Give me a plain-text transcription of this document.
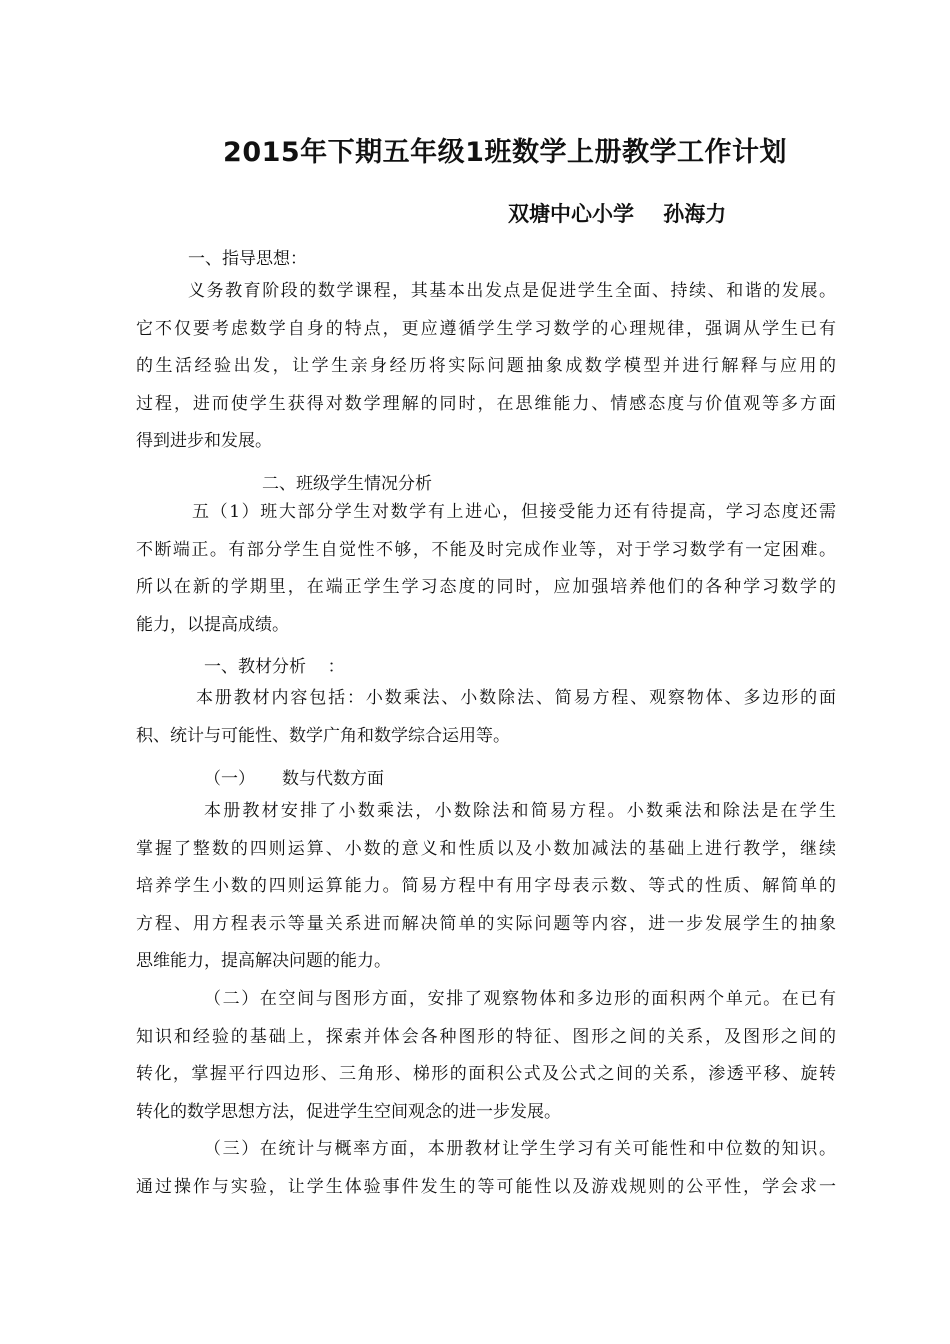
2015年下期五年级1班数学上册教学工作计划
双塘中心小学    孙海力
一、指导思想：
义务教育阶段的数学课程，其基本出发点是促进学生全面、持续、和谐的发展。
它不仅要考虑数学自身的特点，更应遵循学生学习数学的心理规律，强调从学生已有
的生活经验出发，让学生亲身经历将实际问题抽象成数学模型并进行解释与应用的
过程，进而使学生获得对数学理解的同时，在思维能力、情感态度与价值观等多方面
得到进步和发展。
二、班级学生情况分析
五（1）班大部分学生对数学有上进心，但接受能力还有待提高，学习态度还需
不断端正。有部分学生自觉性不够，不能及时完成作业等，对于学习数学有一定困难。
所以在新的学期里，在端正学生学习态度的同时，应加强培养他们的各种学习数学的
能力，以提高成绩。
一、教材分析    ：
本册教材内容包括：小数乘法、小数除法、简易方程、观察物体、多边形的面
积、统计与可能性、数学广角和数学综合运用等。
（一）     数与代数方面
本册教材安排了小数乘法，小数除法和简易方程。小数乘法和除法是在学生
掌握了整数的四则运算、小数的意义和性质以及小数加减法的基础上进行教学，继续
培养学生小数的四则运算能力。简易方程中有用字母表示数、等式的性质、解简单的
方程、用方程表示等量关系进而解决简单的实际问题等内容，进一步发展学生的抽象
思维能力，提高解决问题的能力。
（二）在空间与图形方面，安排了观察物体和多边形的面积两个单元。在已有
知识和经验的基础上，探索并体会各种图形的特征、图形之间的关系，及图形之间的
转化，掌握平行四边形、三角形、梯形的面积公式及公式之间的关系，渗透平移、旋转
转化的数学思想方法，促进学生空间观念的进一步发展。
（三）在统计与概率方面，本册教材让学生学习有关可能性和中位数的知识。
通过操作与实验，让学生体验事件发生的等可能性以及游戏规则的公平性，学会求一
